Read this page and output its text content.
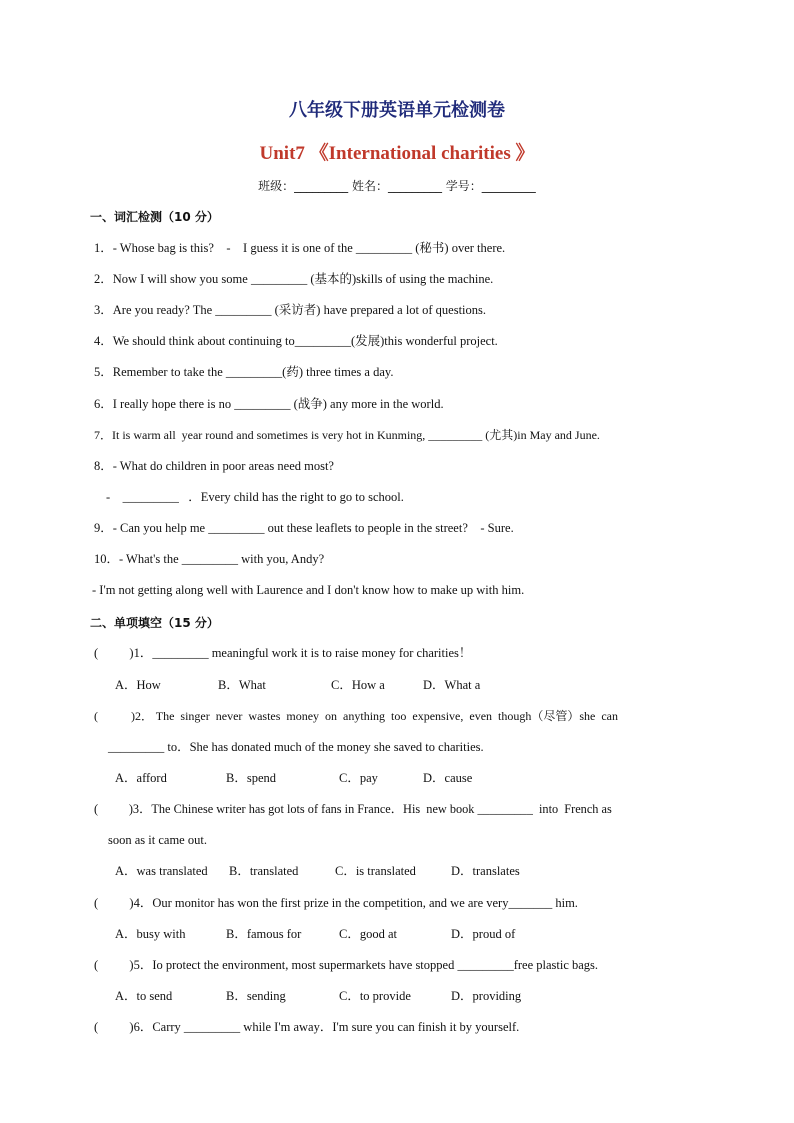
八年级下册英语单元检测卷
Unit7 《International charities 》
班级：_________ 姓名：_________ 学号：_________
一、词汇检测（10 分）
1．- Whose bag is this?    -    I guess it is one of the _________ (秘书) over there.
2．Now I will show you some _________ (基本的)skills of using the machine.
3．Are you ready? The _________ (采访者) have prepared a lot of questions.
4．We should think about continuing to_________(发展)this wonderful project.
5．Remember to take the _________(药) three times a day.
6．I really hope there is no _________ (战争) any more in the world.
7．It is warm all  year round and sometimes is very hot in Kunming, _________ (尤其)in May and June.
8．- What do children in poor areas need most?
-    _________   ．Every child has the right to go to school.
9．- Can you help me _________ out these leaflets to people in the street?    - Sure.
10．- What's the _________ with you, Andy?
- I'm not getting along well with Laurence and I don't know how to make up with him.
二、单项填空（15 分）
(          )1．_________ meaningful work it is to raise money for charities！
A．How	B．What	C．How a	D．What a
(           )2． The  singer  never  wastes  money  on  anything  too  expensive,  even  though（尽管）she  can
_________ to．She has donated much of the money she saved to charities.
A．afford	B．spend	C．pay	D．cause
(          )3．The Chinese writer has got lots of fans in France．His  new book _________  into  French as
soon as it came out.
A．was translated B．translated	C．is translated	D．translates
(          )4．Our monitor has won the first prize in the competition, and we are very_______ him.
A．busy with	B．famous for	C．good at	D．proud of
(          )5．Io protect the environment, most supermarkets have stopped _________free plastic bags.
A．to send	B．sending	C．to provide	D．providing
(          )6．Carry _________ while I'm away．I'm sure you can finish it by yourself.
